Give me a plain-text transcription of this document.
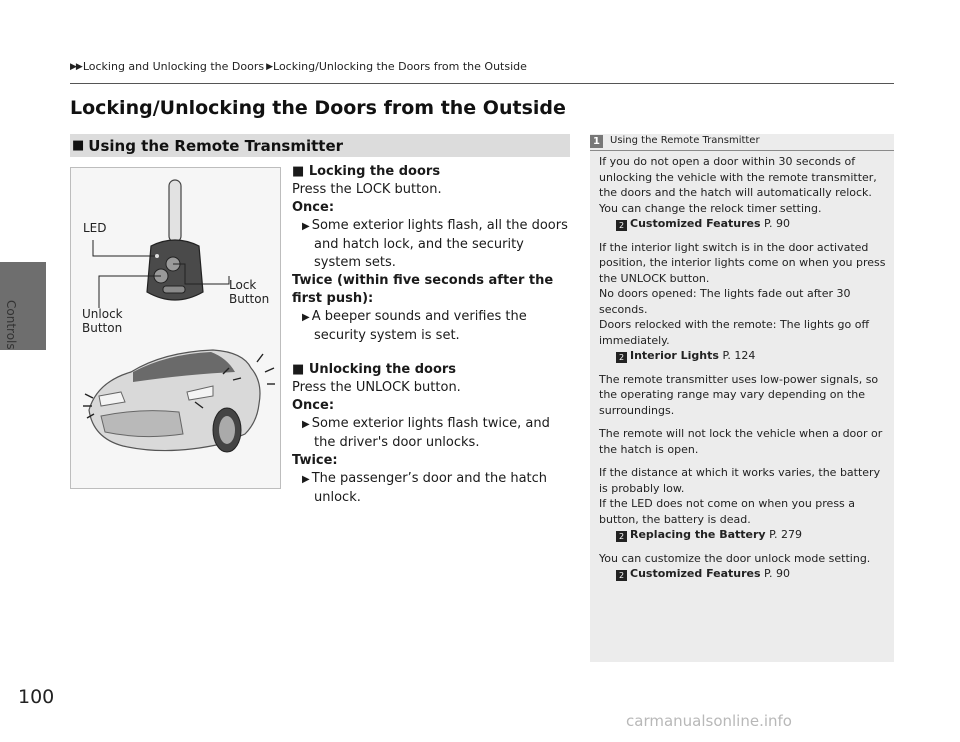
Controls
100
▶▶ Locking and Unlocking the Doors ▶ Locking/Unlocking the Doors from the Outside
Locking/Unlocking the Doors from the Outside
■ Using the Remote Transmitter
LED
Lock
Button
Unlock
Button
■ Locking the doors
Press the LOCK button.
Once:
▶ Some exterior lights flash, all the doors and hatch lock, and the security system sets.
Twice (within five seconds after the first push):
▶ A beeper sounds and verifies the security system is set.
■ Unlocking the doors
Press the UNLOCK button.
Once:
▶ Some exterior lights flash twice, and the driver's door unlocks.
Twice:
▶ The passenger’s door and the hatch unlock.
1	Using the Remote Transmitter

If you do not open a door within 30 seconds of unlocking the vehicle with the remote transmitter, the doors and the hatch will automatically relock. You can change the relock timer setting.

2 Customized Features P. 90

If the interior light switch is in the door activated position, the interior lights come on when you press the UNLOCK button.

No doors opened: The lights fade out after 30 seconds.

Doors relocked with the remote: The lights go off immediately.

2 Interior Lights P. 124

The remote transmitter uses low-power signals, so the operating range may vary depending on the surroundings.

The remote will not lock the vehicle when a door or the hatch is open.

If the distance at which it works varies, the battery is probably low.

If the LED does not come on when you press a button, the battery is dead.

2 Replacing the Battery P. 279

You can customize the door unlock mode setting.

2 Customized Features P. 90

carmanualsonline.info
